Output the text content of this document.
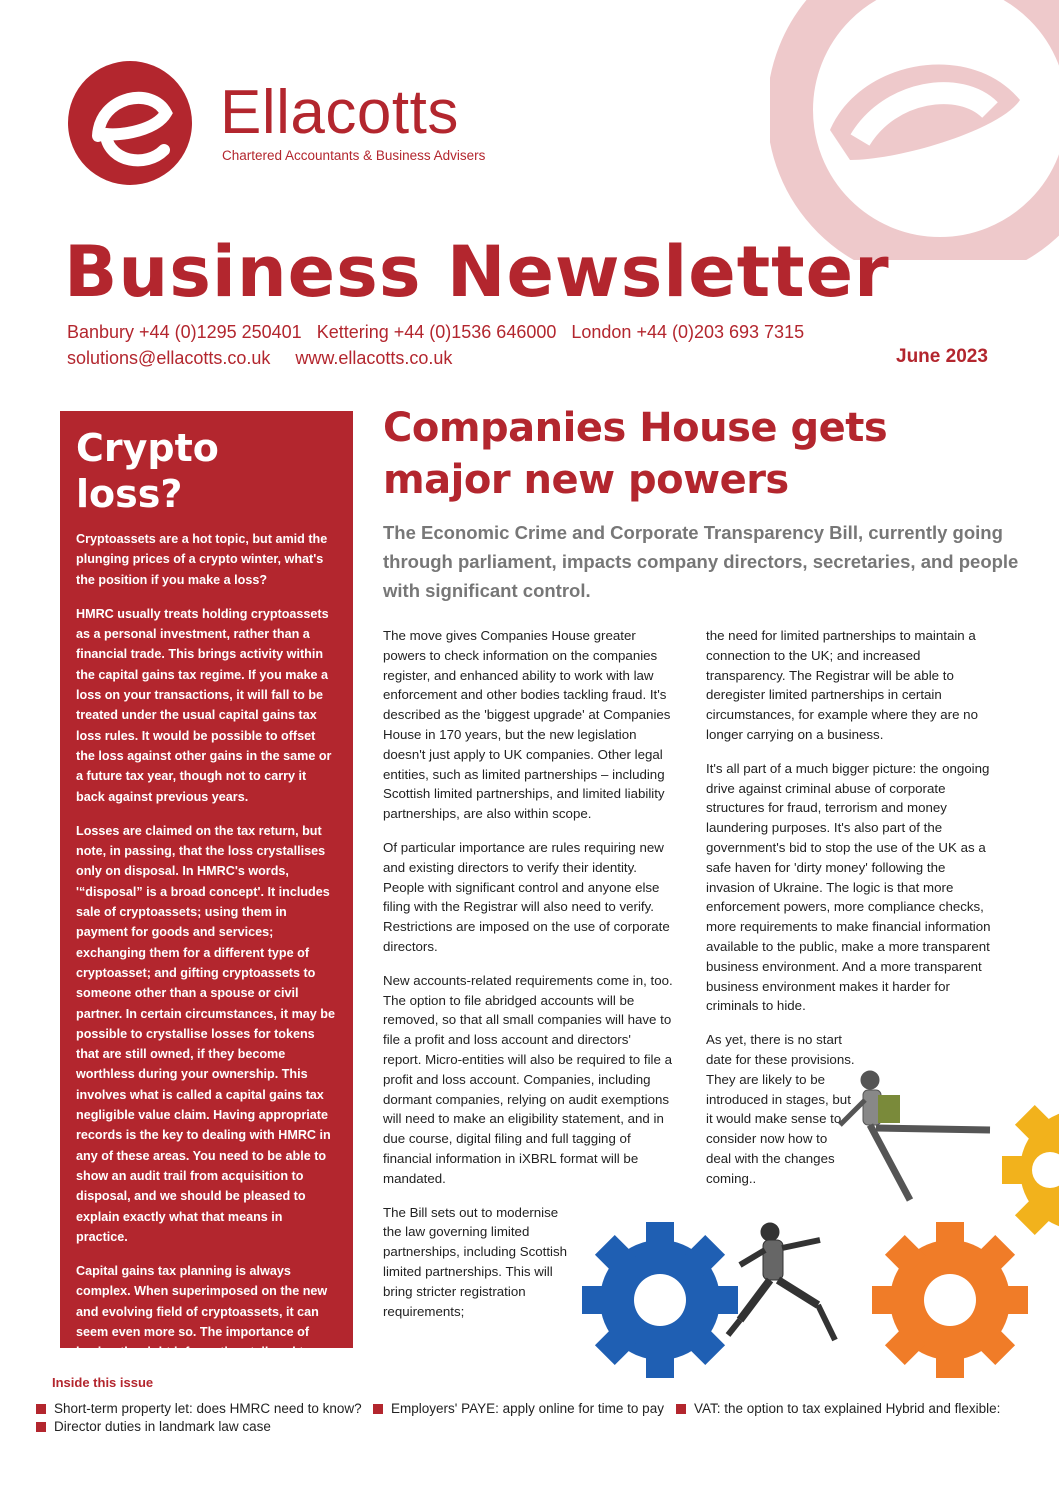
Ellacotts
Chartered Accountants & Business Advisers
Business Newsletter
Banbury +44 (0)1295 250401   Kettering +44 (0)1536 646000   London +44 (0)203 693 7315
solutions@ellacotts.co.uk     www.ellacotts.co.uk	June 2023
Crypto loss?

Cryptoassets are a hot topic, but amid the plunging prices of a crypto winter, what's the position if you make a loss?

HMRC usually treats holding cryptoassets as a personal investment, rather than a financial trade. This brings activity within the capital gains tax regime. If you make a loss on your transactions, it will fall to be treated under the usual capital gains tax loss rules. It would be possible to offset the loss against other gains in the same or a future tax year, though not to carry it back against previous years.

Losses are claimed on the tax return, but note, in passing, that the loss crystallises only on disposal. In HMRC's words, '“disposal” is a broad concept'. It includes sale of cryptoassets; using them in payment for goods and services; exchanging them for a different type of cryptoasset; and gifting cryptoassets to someone other than a spouse or civil partner. In certain circumstances, it may be possible to crystallise losses for tokens that are still owned, if they become worthless during your ownership. This involves what is called a capital gains tax negligible value claim. Having appropriate records is the key to dealing with HMRC in any of these areas. You need to be able to show an audit trail from acquisition to disposal, and we should be pleased to explain exactly what that means in practice.

Capital gains tax planning is always complex. When superimposed on the new and evolving field of cryptoassets, it can seem even more so. The importance of having the right information, tailored to your circumstances, cannot be overstated.

Companies House gets major new powers
The Economic Crime and Corporate Transparency Bill, currently going through parliament, impacts company directors, secretaries, and people with significant control.

The move gives Companies House greater powers to check information on the companies register, and enhanced ability to work with law enforcement and other bodies tackling fraud. It's described as the 'biggest upgrade' at Companies House in 170 years, but the new legislation doesn't just apply to UK companies. Other legal entities, such as limited partnerships – including Scottish limited partnerships, and limited liability partnerships, are also within scope.

Of particular importance are rules requiring new and existing directors to verify their identity. People with significant control and anyone else filing with the Registrar will also need to verify. Restrictions are imposed on the use of corporate directors.

New accounts-related requirements come in, too. The option to file abridged accounts will be removed, so that all small companies will have to file a profit and loss account and directors' report. Micro-entities will also be required to file a profit and loss account. Companies, including dormant companies, relying on audit exemptions will need to make an eligibility statement, and in due course, digital filing and full tagging of financial information in iXBRL format will be mandated.

The Bill sets out to modernise the law governing limited partnerships, including Scottish limited partnerships. This will bring stricter registration requirements;

the need for limited partnerships to maintain a connection to the UK; and increased transparency. The Registrar will be able to deregister limited partnerships in certain circumstances, for example where they are no longer carrying on a business.

It's all part of a much bigger picture: the ongoing drive against criminal abuse of corporate structures for fraud, terrorism and money laundering purposes. It's also part of the government's bid to stop the use of the UK as a safe haven for 'dirty money' following the invasion of Ukraine. The logic is that more enforcement powers, more compliance checks, more requirements to make financial information available to the public, make a more transparent business environment. And a more transparent business environment makes it harder for criminals to hide.

As yet, there is no start date for these provisions. They are likely to be introduced in stages, but it would make sense to consider now how to deal with the changes coming..

Inside this issue
Short-term property let: does HMRC need to know? Employers' PAYE: apply online for time to pay VAT: the option to tax explained Hybrid and flexible:
Director duties in landmark law case
